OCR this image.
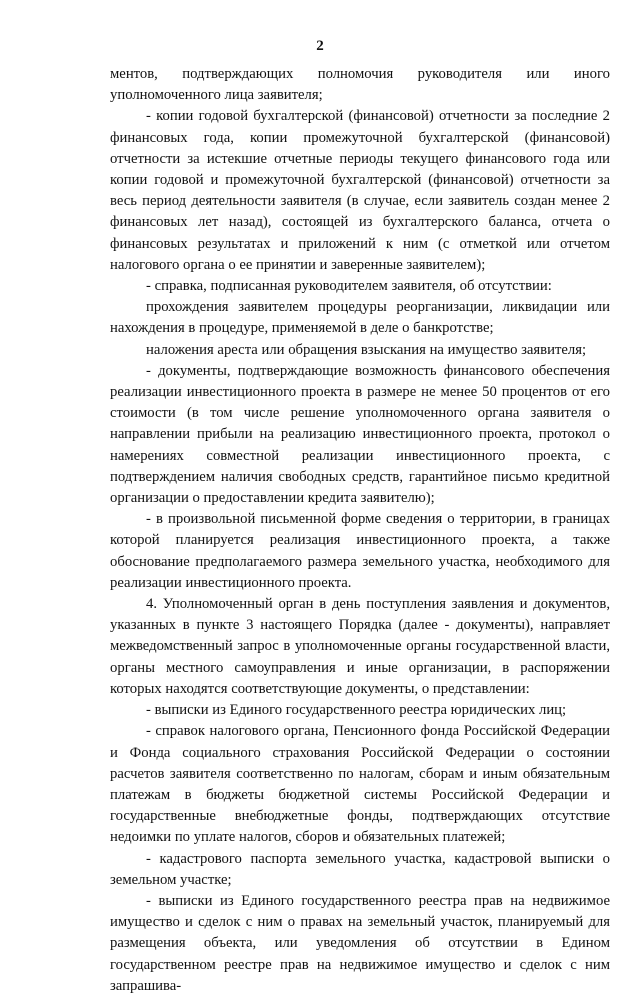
2

ментов, подтверждающих полномочия руководителя или иного уполномоченного лица заявителя;

- копии годовой бухгалтерской (финансовой) отчетности за последние 2 финансовых года, копии промежуточной бухгалтерской (финансовой) отчетности за истекшие отчетные периоды текущего финансового года или копии годовой и промежуточной бухгалтерской (финансовой) отчетности за весь период деятельности заявителя (в случае, если заявитель создан менее 2 финансовых лет назад), состоящей из бухгалтерского баланса, отчета о финансовых результатах и приложений к ним (с отметкой или отчетом налогового органа о ее принятии и заверенные заявителем);

- справка, подписанная руководителем заявителя, об отсутствии:

прохождения заявителем процедуры реорганизации, ликвидации или нахождения в процедуре, применяемой в деле о банкротстве;

наложения ареста или обращения взыскания на имущество заявителя;

- документы, подтверждающие возможность финансового обеспечения реализации инвестиционного проекта в размере не менее 50 процентов от его стоимости (в том числе решение уполномоченного органа заявителя о направлении прибыли на реализацию инвестиционного проекта, протокол о намерениях совместной реализации инвестиционного проекта, с подтверждением наличия свободных средств, гарантийное письмо кредитной организации о предоставлении кредита заявителю);

- в произвольной письменной форме сведения о территории, в границах которой планируется реализация инвестиционного проекта, а также обоснование предполагаемого размера земельного участка, необходимого для реализации инвестиционного проекта.

4. Уполномоченный орган в день поступления заявления и документов, указанных в пункте 3 настоящего Порядка (далее - документы), направляет межведомственный запрос в уполномоченные органы государственной власти, органы местного самоуправления и иные организации, в распоряжении которых находятся соответствующие документы, о представлении:

- выписки из Единого государственного реестра юридических лиц;

- справок налогового органа, Пенсионного фонда Российской Федерации и Фонда социального страхования Российской Федерации о состоянии расчетов заявителя соответственно по налогам, сборам и иным обязательным платежам в бюджеты бюджетной системы Российской Федерации и государственные внебюджетные фонды, подтверждающих отсутствие недоимки по уплате налогов, сборов и обязательных платежей;

- кадастрового паспорта земельного участка, кадастровой выписки о земельном участке;

- выписки из Единого государственного реестра прав на недвижимое имущество и сделок с ним о правах на земельный участок, планируемый для размещения объекта, или уведомления об отсутствии в Едином государственном реестре прав на недвижимое имущество и сделок с ним запрашива-
